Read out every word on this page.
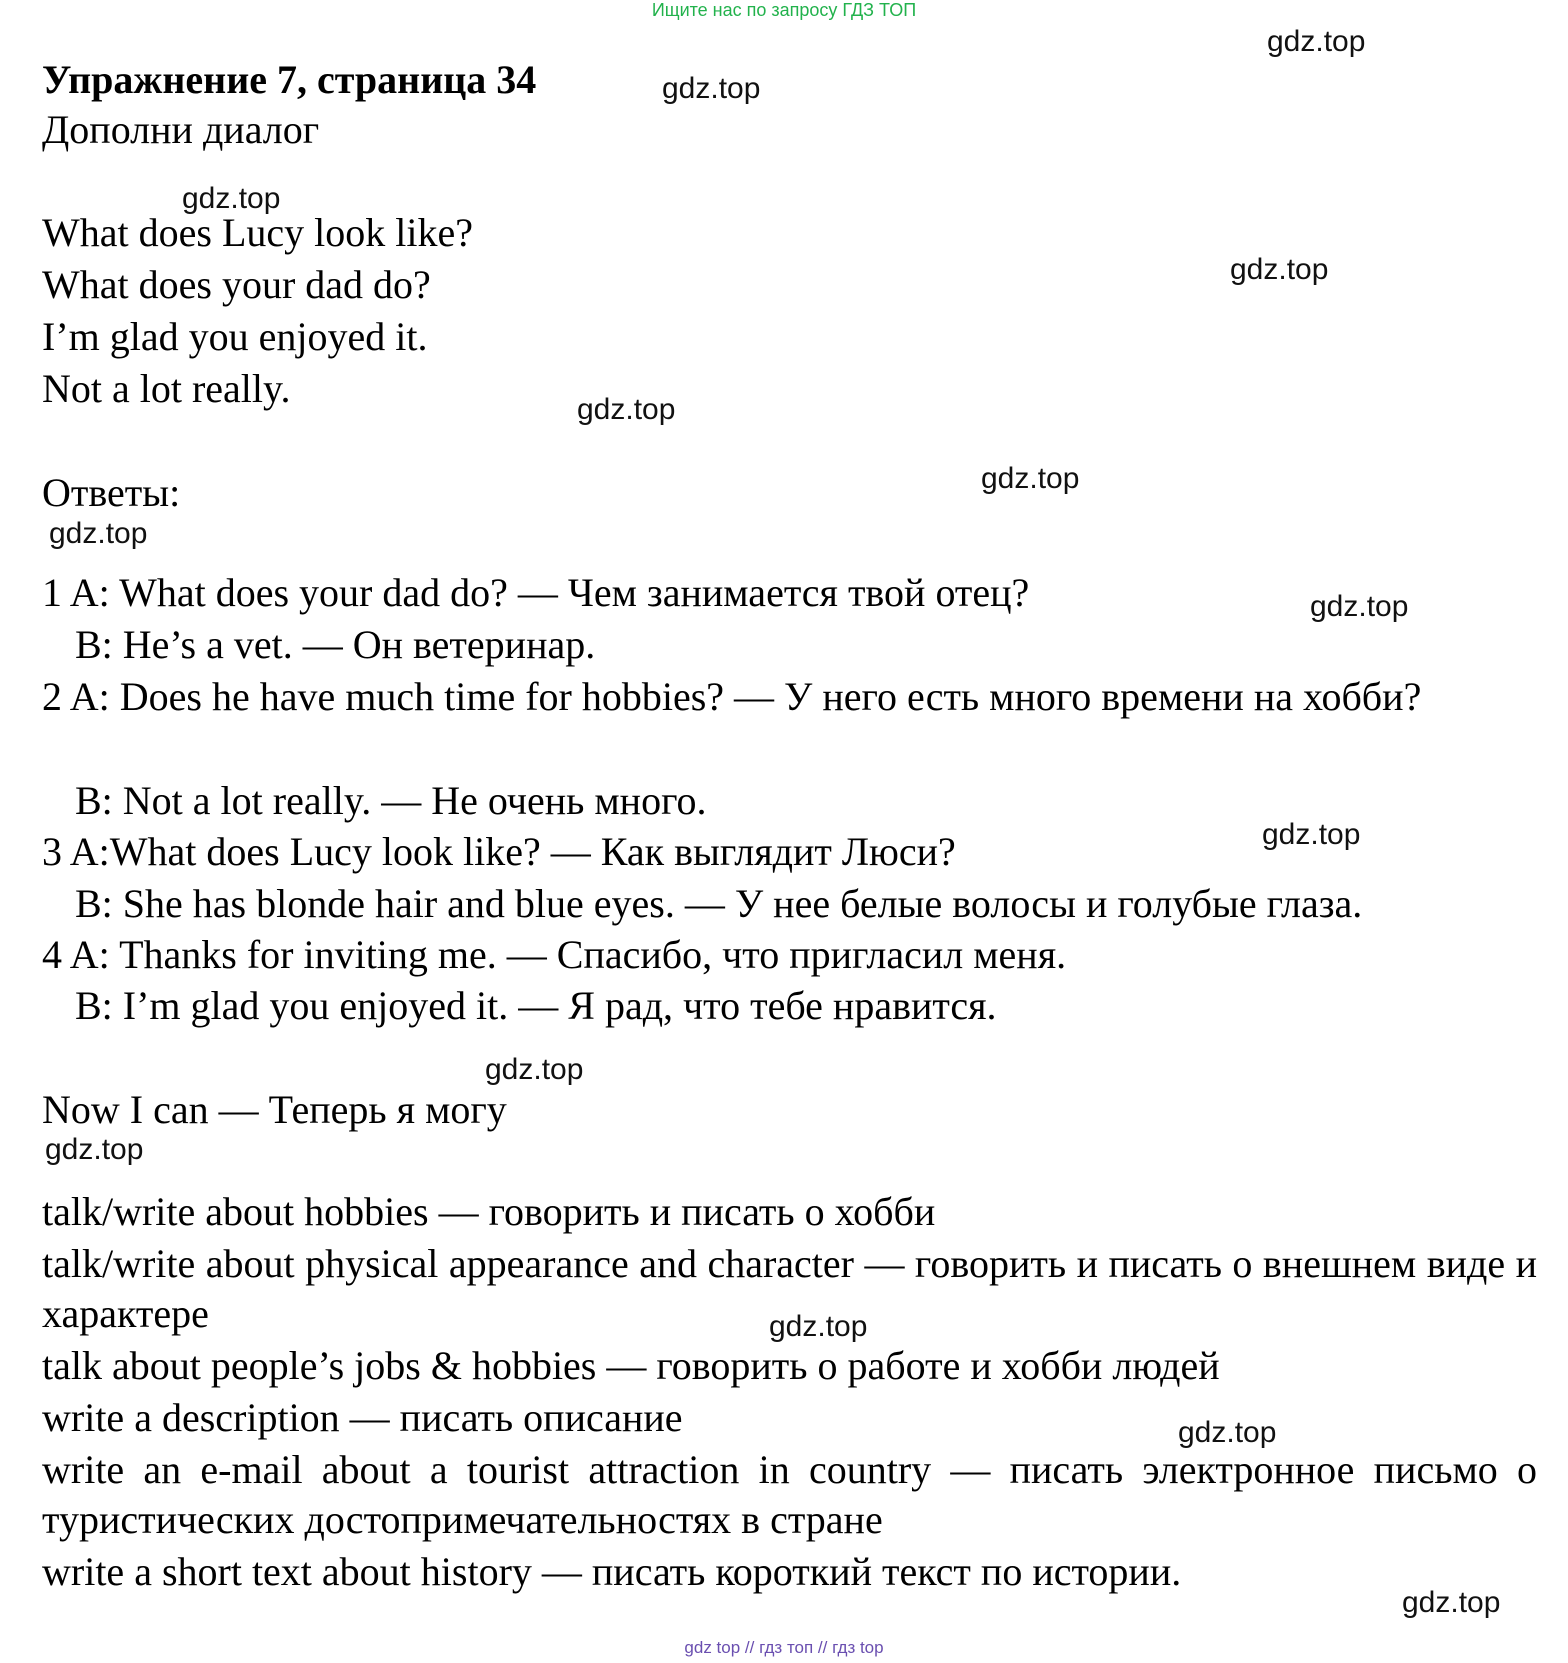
Ищите нас по запросу ГДЗ ТОП
gdz.top
gdz.top
gdz.top
gdz.top
gdz.top
gdz.top
gdz.top
gdz.top
gdz.top
gdz.top
gdz.top
gdz.top
gdz.top
gdz.top
Упражнение 7, страница 34
Дополни диалог
What does Lucy look like?
What does your dad do?
I’m glad you enjoyed it.
Not a lot really.
Ответы:
1 A: What does your dad do? — Чем занимается твой отец?
B: He’s a vet. — Он ветеринар.
2 A: Does he have much time for hobbies? — У него есть много времени на хобби?
B: Not a lot really. — Не очень много.
3 A:What does Lucy look like? — Как выглядит Люси?
B: She has blonde hair and blue eyes. — У нее белые волосы и голубые глаза.
4 A: Thanks for inviting me. — Спасибо, что пригласил меня.
B: I’m glad you enjoyed it. — Я рад, что тебе нравится.
Now I can — Теперь я могу
talk/write about hobbies — говорить и писать о хобби
talk/write about physical appearance and character — говорить и писать о внешнем виде и характере
talk about people’s jobs & hobbies — говорить о работе и хобби людей
write a description — писать описание
write an e-mail about a tourist attraction in country — писать электронное письмо о туристических достопримечательностях в стране
write a short text about history — писать короткий текст по истории.
gdz top // гдз топ // гдз top
